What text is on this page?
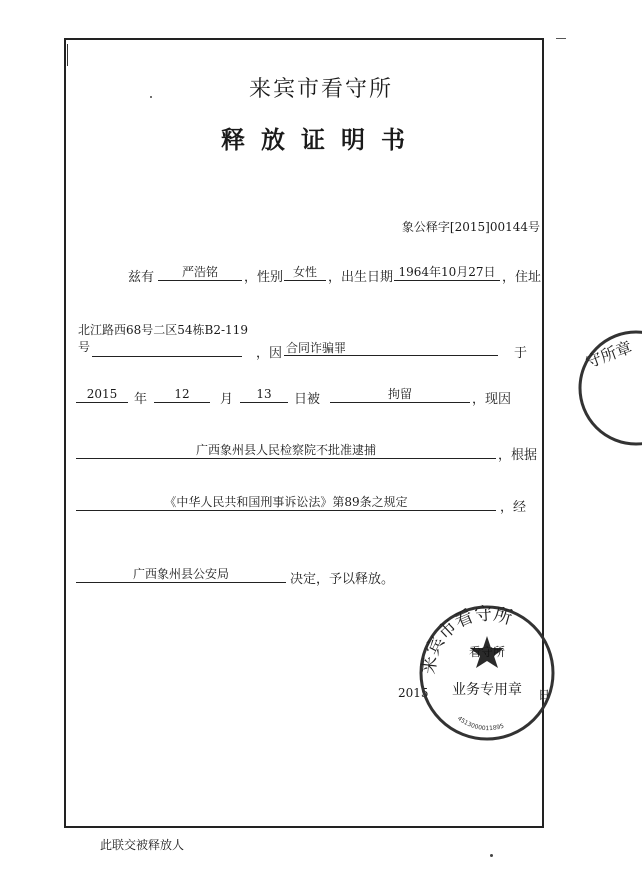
来宾市看守所
释放证明书
象公释字[2015]00144号
兹有	严浩铭	，性别 女性 ，出生日期 1964年10月27日 ，住址
北江路西68号二区54栋B2-119
号	，因 合同诈骗罪	于
2015	年	12	月	13	日被	拘留	，现因
广西象州县人民检察院不批准逮捕	，根据
《中华人民共和国刑事诉讼法》第89条之规定	，经
广西象州县公安局	决定，予以释放。
2015	日
来宾市看守所
看守所
业务专用章
4513000011895
守所章
此联交被释放人
